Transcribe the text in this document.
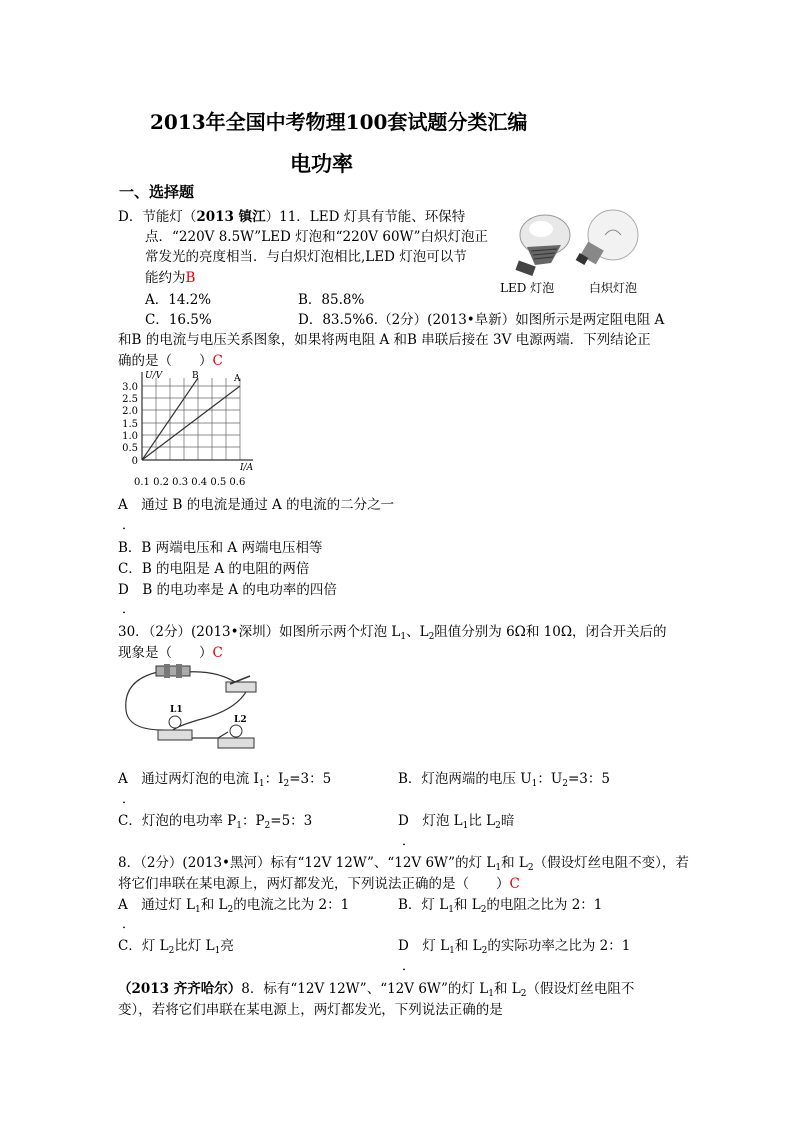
2013年全国中考物理100套试题分类汇编
电功率
一、选择题
D．节能灯（2013 镇江）11．LED 灯具有节能、环保特
点．“220V 8.5W”LED 灯泡和“220V 60W”白炽灯泡正
常发光的亮度相当．与白炽灯泡相比,LED 灯泡可以节
能约为B
A．14.2%	B．85.8%
C．16.5%	D．83.5%6.（2分）(2013•阜新）如图所示是两定阻电阻 A
和B 的电流与电压关系图象，如果将两电阻 A 和B 串联后接在 3V 电源两端．下列结论正
确的是（　　）C
LED 灯泡	白炽灯泡
U/V	B	A
I/A
3.0
2.5
2.0
1.5
1.0
0.5
0
0.1 0.2 0.3 0.4 0.5 0.6
A　通过 B 的电流是通过 A 的电流的二分之一
．
B．B 两端电压和 A 两端电压相等
C．B 的电阻是 A 的电阻的两倍
D　B 的电功率是 A 的电功率的四倍
．
30．（2分）(2013•深圳）如图所示两个灯泡 $L_1$、$L_2$阻值分别为 6Ω和 10Ω，闭合开关后的
现象是（　　）C
L1
L2
A　通过两灯泡的电流 $I_1$：$I_2=3$：5	B．灯泡两端的电压 $U_1$：$U_2=3$：5
．
C．灯泡的电功率 $P_1$：$P_2=5$：3	D　灯泡 $L_1$比 $L_2$暗
．
8．（2分）(2013•黑河）标有“12V 12W”、“12V 6W”的灯 $L_1$和 $L_2$（假设灯丝电阻不变），若
将它们串联在某电源上，两灯都发光，下列说法正确的是（　　）C
A　通过灯 $L_1$和 $L_2$的电流之比为 2：1	B．灯 $L_1$和 $L_2$的电阻之比为 2：1
．
C．灯 $L_2$比灯 $L_1$亮	D　灯 $L_1$和 $L_2$的实际功率之比为 2：1
．
（2013 齐齐哈尔）8．标有“12V 12W”、“12V 6W”的灯 $L_1$和 $L_2$（假设灯丝电阻不
变），若将它们串联在某电源上，两灯都发光，下列说法正确的是
